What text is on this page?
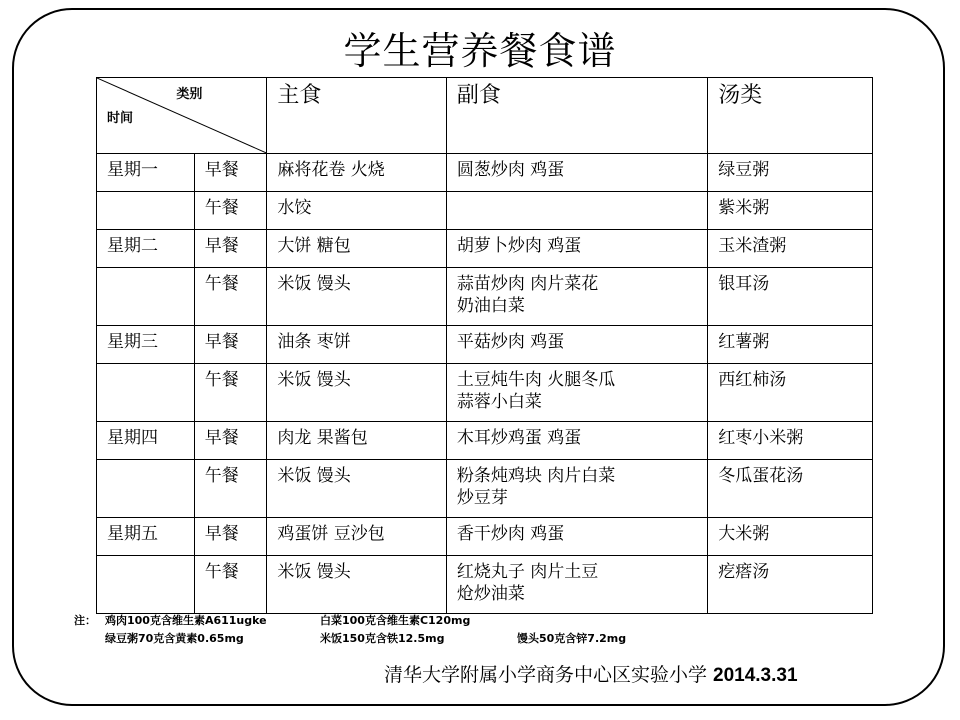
学生营养餐食谱
类别
时间		主食	副食	汤类
星期一	早餐	麻将花卷 火烧	圆葱炒肉 鸡蛋	绿豆粥
	午餐	水饺		紫米粥
星期二	早餐	大饼 糖包	胡萝卜炒肉 鸡蛋	玉米渣粥
	午餐	米饭 馒头	蒜苗炒肉 肉片菜花
奶油白菜	银耳汤
星期三	早餐	油条 枣饼	平菇炒肉 鸡蛋	红薯粥
	午餐	米饭 馒头	土豆炖牛肉 火腿冬瓜
蒜蓉小白菜	西红柿汤
星期四	早餐	肉龙 果酱包	木耳炒鸡蛋 鸡蛋	红枣小米粥
	午餐	米饭 馒头	粉条炖鸡块 肉片白菜
炒豆芽	冬瓜蛋花汤
星期五	早餐	鸡蛋饼 豆沙包	香干炒肉 鸡蛋	大米粥
	午餐	米饭 馒头	红烧丸子 肉片土豆
炝炒油菜	疙瘩汤
注： 鸡肉100克含维生素A611ugke	白菜100克含维生素C120mg
绿豆粥70克含黄素0.65mg	米饭150克含铁12.5mg	馒头50克含锌7.2mg
清华大学附属小学商务中心区实验小学 2014.3.31
